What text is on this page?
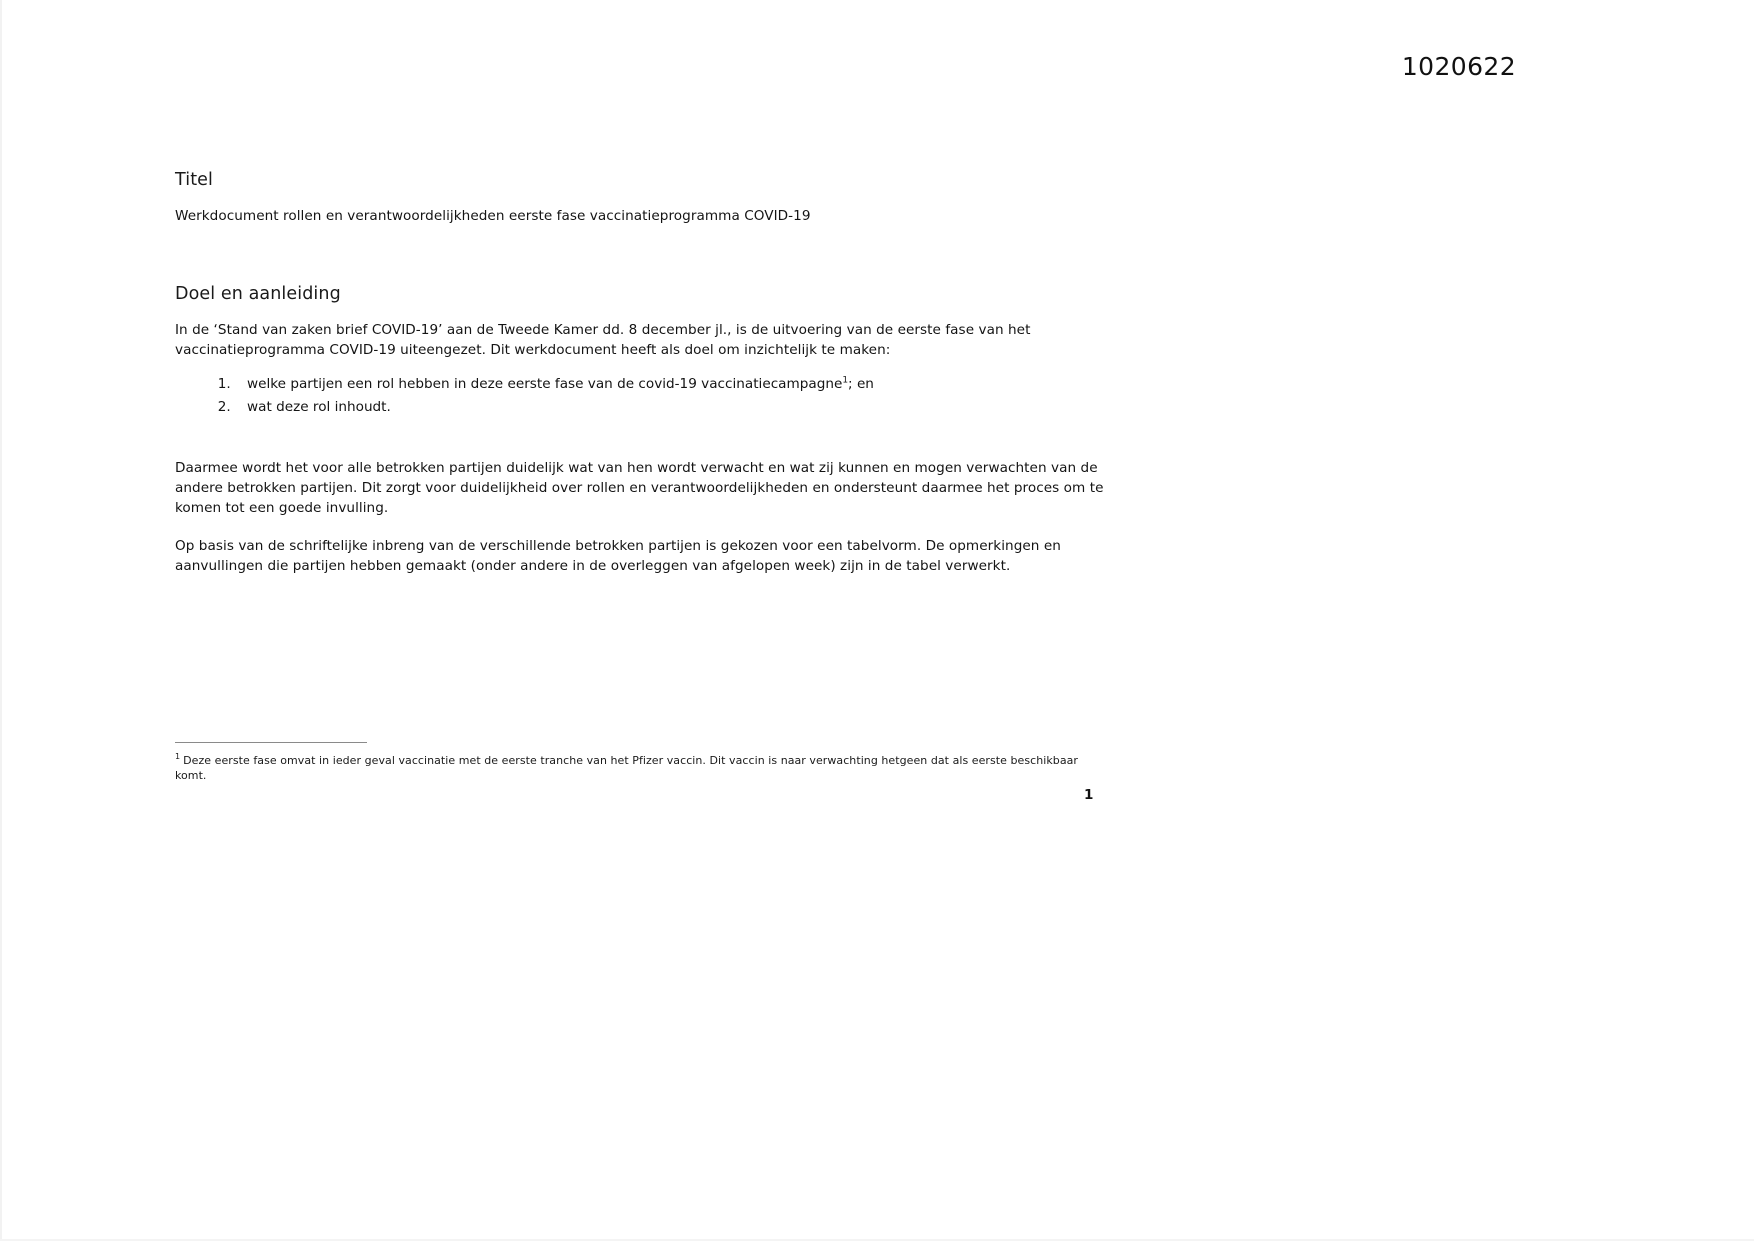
1020622
Titel

Werkdocument rollen en verantwoordelijkheden eerste fase vaccinatieprogramma COVID-19

Doel en aanleiding

In de ‘Stand van zaken brief COVID-19’ aan de Tweede Kamer dd. 8 december jl., is de uitvoering van de eerste fase van het vaccinatieprogramma COVID-19 uiteengezet. Dit werkdocument heeft als doel om inzichtelijk te maken:

1. welke partijen een rol hebben in deze eerste fase van de covid-19 vaccinatiecampagne$^1$; en
2. wat deze rol inhoudt.

Daarmee wordt het voor alle betrokken partijen duidelijk wat van hen wordt verwacht en wat zij kunnen en mogen verwachten van de andere betrokken partijen. Dit zorgt voor duidelijkheid over rollen en verantwoordelijkheden en ondersteunt daarmee het proces om te komen tot een goede invulling.

Op basis van de schriftelijke inbreng van de verschillende betrokken partijen is gekozen voor een tabelvorm. De opmerkingen en aanvullingen die partijen hebben gemaakt (onder andere in de overleggen van afgelopen week) zijn in de tabel verwerkt.

$^1$ Deze eerste fase omvat in ieder geval vaccinatie met de eerste tranche van het Pfizer vaccin. Dit vaccin is naar verwachting hetgeen dat als eerste beschikbaar komt.
1
